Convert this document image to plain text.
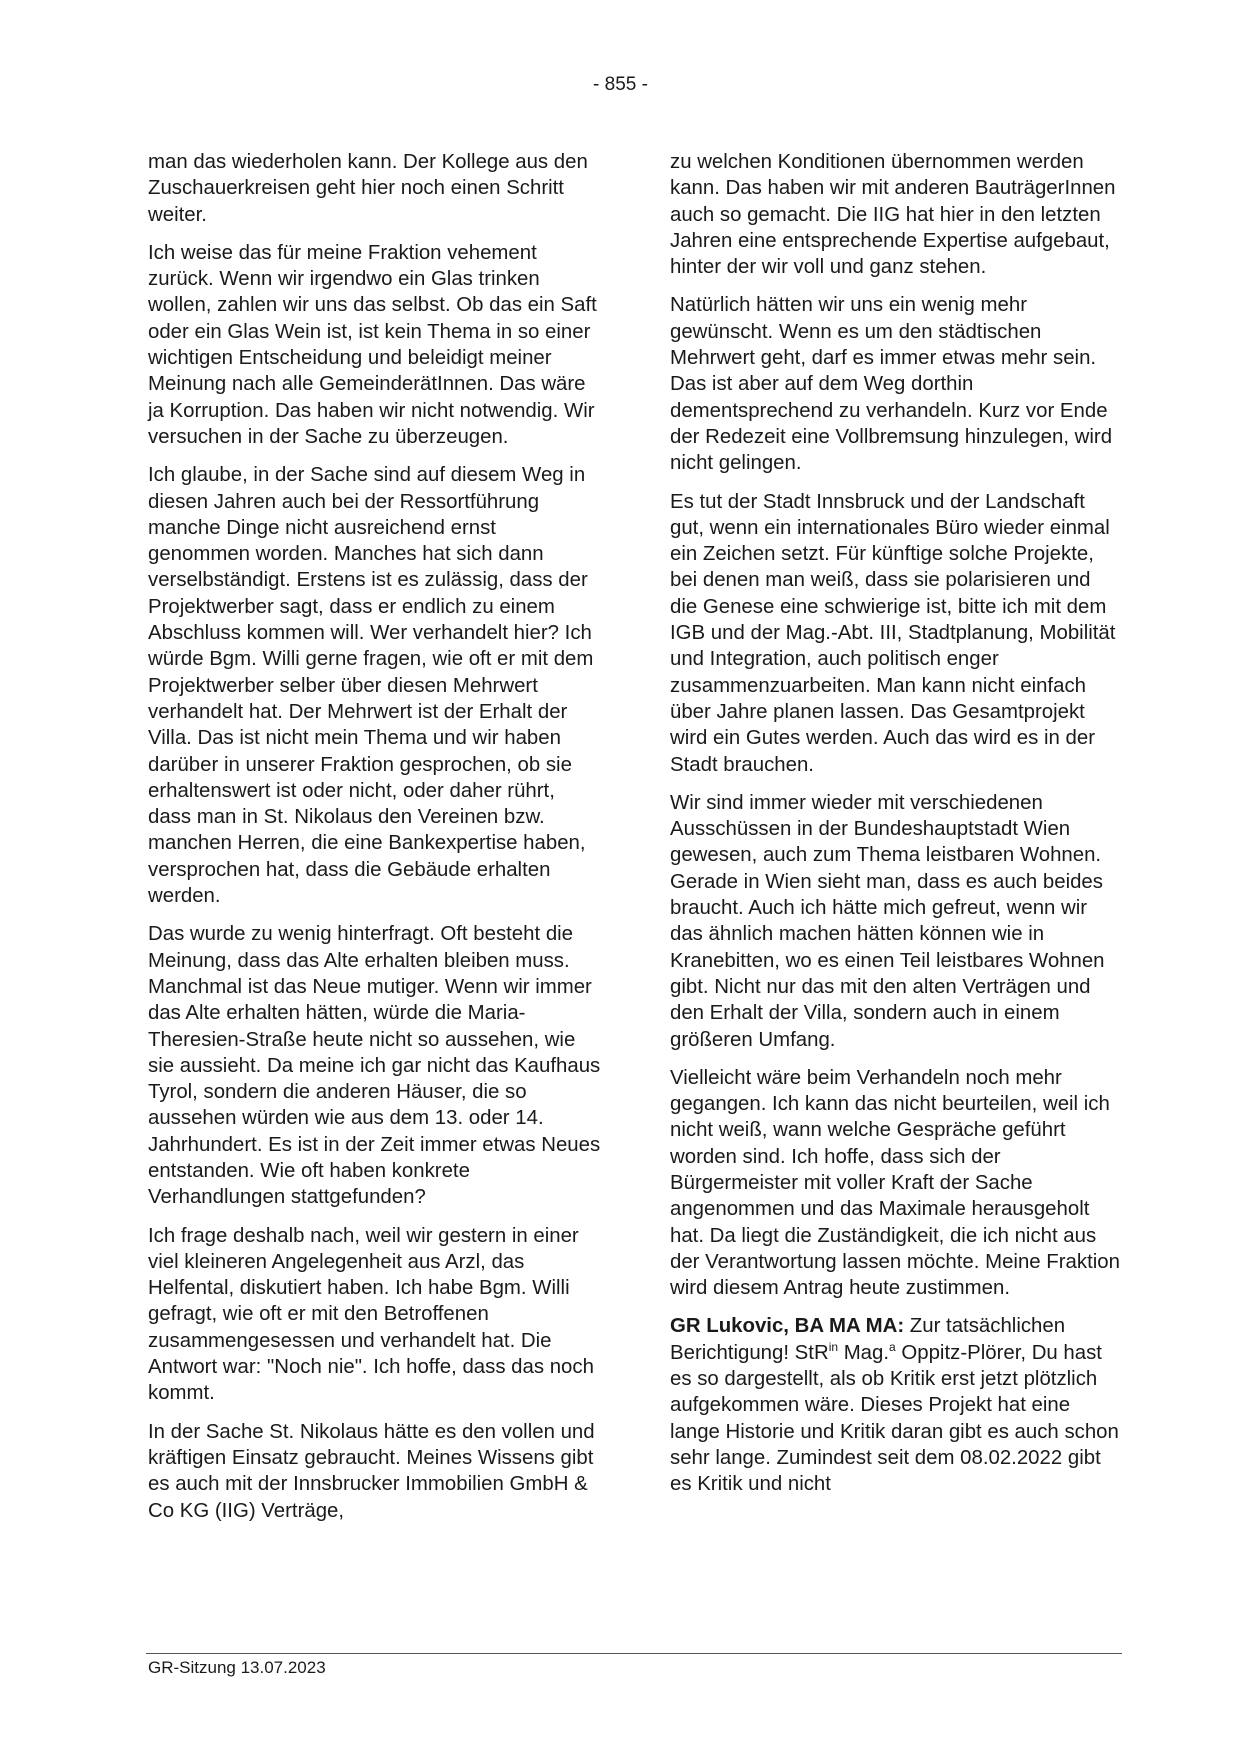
- 855 -

man das wiederholen kann. Der Kollege aus den Zuschauerkreisen geht hier noch einen Schritt weiter.

Ich weise das für meine Fraktion vehement zurück. Wenn wir irgendwo ein Glas trinken wollen, zahlen wir uns das selbst. Ob das ein Saft oder ein Glas Wein ist, ist kein Thema in so einer wichtigen Entscheidung und beleidigt meiner Meinung nach alle GemeinderätInnen. Das wäre ja Korruption. Das haben wir nicht notwendig. Wir versuchen in der Sache zu überzeugen.

Ich glaube, in der Sache sind auf diesem Weg in diesen Jahren auch bei der Ressortführung manche Dinge nicht ausreichend ernst genommen worden. Manches hat sich dann verselbständigt. Erstens ist es zulässig, dass der Projektwerber sagt, dass er endlich zu einem Abschluss kommen will. Wer verhandelt hier? Ich würde Bgm. Willi gerne fragen, wie oft er mit dem Projektwerber selber über diesen Mehrwert verhandelt hat. Der Mehrwert ist der Erhalt der Villa. Das ist nicht mein Thema und wir haben darüber in unserer Fraktion gesprochen, ob sie erhaltenswert ist oder nicht, oder daher rührt, dass man in St. Nikolaus den Vereinen bzw. manchen Herren, die eine Bankexpertise haben, versprochen hat, dass die Gebäude erhalten werden.

Das wurde zu wenig hinterfragt. Oft besteht die Meinung, dass das Alte erhalten bleiben muss. Manchmal ist das Neue mutiger. Wenn wir immer das Alte erhalten hätten, würde die Maria-Theresien-Straße heute nicht so aussehen, wie sie aussieht. Da meine ich gar nicht das Kaufhaus Tyrol, sondern die anderen Häuser, die so aussehen würden wie aus dem 13. oder 14. Jahrhundert. Es ist in der Zeit immer etwas Neues entstanden. Wie oft haben konkrete Verhandlungen stattgefunden?

Ich frage deshalb nach, weil wir gestern in einer viel kleineren Angelegenheit aus Arzl, das Helfental, diskutiert haben. Ich habe Bgm. Willi gefragt, wie oft er mit den Betroffenen zusammengesessen und verhandelt hat. Die Antwort war: "Noch nie". Ich hoffe, dass das noch kommt.

In der Sache St. Nikolaus hätte es den vollen und kräftigen Einsatz gebraucht. Meines Wissens gibt es auch mit der Innsbrucker Immobilien GmbH & Co KG (IIG) Verträge,

zu welchen Konditionen übernommen werden kann. Das haben wir mit anderen BauträgerInnen auch so gemacht. Die IIG hat hier in den letzten Jahren eine entsprechende Expertise aufgebaut, hinter der wir voll und ganz stehen.

Natürlich hätten wir uns ein wenig mehr gewünscht. Wenn es um den städtischen Mehrwert geht, darf es immer etwas mehr sein. Das ist aber auf dem Weg dorthin dementsprechend zu verhandeln. Kurz vor Ende der Redezeit eine Vollbremsung hinzulegen, wird nicht gelingen.

Es tut der Stadt Innsbruck und der Landschaft gut, wenn ein internationales Büro wieder einmal ein Zeichen setzt. Für künftige solche Projekte, bei denen man weiß, dass sie polarisieren und die Genese eine schwierige ist, bitte ich mit dem IGB und der Mag.-Abt. III, Stadtplanung, Mobilität und Integration, auch politisch enger zusammenzuarbeiten. Man kann nicht einfach über Jahre planen lassen. Das Gesamtprojekt wird ein Gutes werden. Auch das wird es in der Stadt brauchen.

Wir sind immer wieder mit verschiedenen Ausschüssen in der Bundeshauptstadt Wien gewesen, auch zum Thema leistbaren Wohnen. Gerade in Wien sieht man, dass es auch beides braucht. Auch ich hätte mich gefreut, wenn wir das ähnlich machen hätten können wie in Kranebitten, wo es einen Teil leistbares Wohnen gibt. Nicht nur das mit den alten Verträgen und den Erhalt der Villa, sondern auch in einem größeren Umfang.

Vielleicht wäre beim Verhandeln noch mehr gegangen. Ich kann das nicht beurteilen, weil ich nicht weiß, wann welche Gespräche geführt worden sind. Ich hoffe, dass sich der Bürgermeister mit voller Kraft der Sache angenommen und das Maximale herausgeholt hat. Da liegt die Zuständigkeit, die ich nicht aus der Verantwortung lassen möchte. Meine Fraktion wird diesem Antrag heute zustimmen.

GR Lukovic, BA MA MA: Zur tatsächlichen Berichtigung! StR$^{in}$ Mag.$^a$ Oppitz-Plörer, Du hast es so dargestellt, als ob Kritik erst jetzt plötzlich aufgekommen wäre. Dieses Projekt hat eine lange Historie und Kritik daran gibt es auch schon sehr lange. Zumindest seit dem 08.02.2022 gibt es Kritik und nicht

GR-Sitzung 13.07.2023
